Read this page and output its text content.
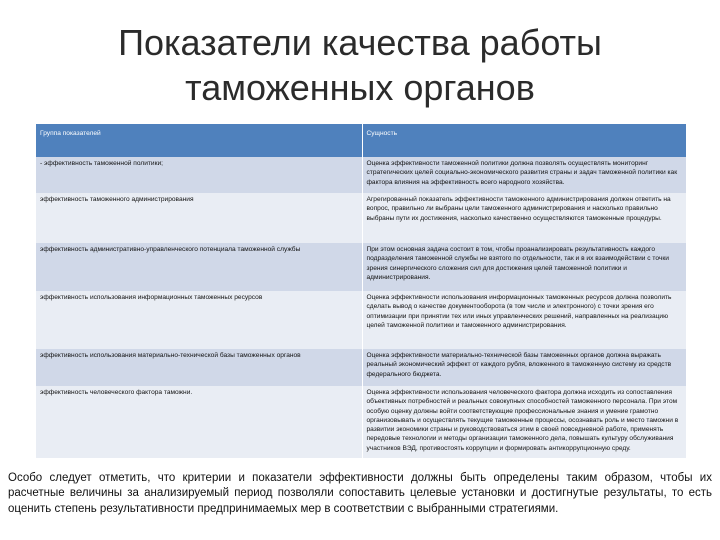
Показатели качества работы
таможенных органов
Группа показателей	Сущность
- эффективность таможенной политики;	Оценка эффективности таможенной политики должна позволять осуществлять мониторинг стратегических целей социально-экономического развития страны и задач таможенной политики как фактора влияния на эффективность всего народного хозяйства.
эффективность таможенного администрирования	Агрегированный показатель эффективности таможенного администрирования должен ответить на вопрос, правильно ли выбраны цели таможенного администрирования и насколько правильно выбраны пути их достижения, насколько качественно осуществляются таможенные процедуры.
эффективность административно-управленческого потенциала таможенной службы	При этом основная задача состоит в том, чтобы проанализировать результативность каждого подразделения таможенной службы не взятого по отдельности, так и в их взаимодействии с точки зрения синергического сложения сил для достижения целей таможенной политики и администрирования.
эффективность использования информационных таможенных ресурсов	Оценка эффективности использования информационных таможенных ресурсов должна позволить сделать вывод о качестве документооборота (в том числе и электронного) с точки зрения его оптимизации при принятии тех или иных управленческих решений, направленных на реализацию целей таможенной политики и таможенного администрирования.
эффективность использования материально-технической базы таможенных органов	Оценка эффективности материально-технической базы таможенных органов должна выражать реальный экономический эффект от каждого рубля, вложенного в таможенную систему из средств федерального бюджета.
эффективность человеческого фактора таможни.	Оценка эффективности использования человеческого фактора должна исходить из сопоставления объективных потребностей и реальных совокупных способностей таможенного персонала. При этом особую оценку должны войти соответствующие профессиональные знания и умение грамотно организовывать и осуществлять текущие таможенные процессы, осознавать роль и место таможни в развитии экономики страны и руководствоваться этим в своей повседневной работе, применять передовые технологии и методы организации таможенного дела, повышать культуру обслуживания участников ВЭД, противостоять коррупции и формировать антикоррупционную среду.
Особо следует отметить, что критерии и показатели эффективности должны быть определены таким образом, чтобы их расчетные величины за анализируемый период позволяли сопоставить целевые установки и достигнутые результаты, то есть оценить степень результативности предпринимаемых мер в соответствии с выбранными стратегиями.
